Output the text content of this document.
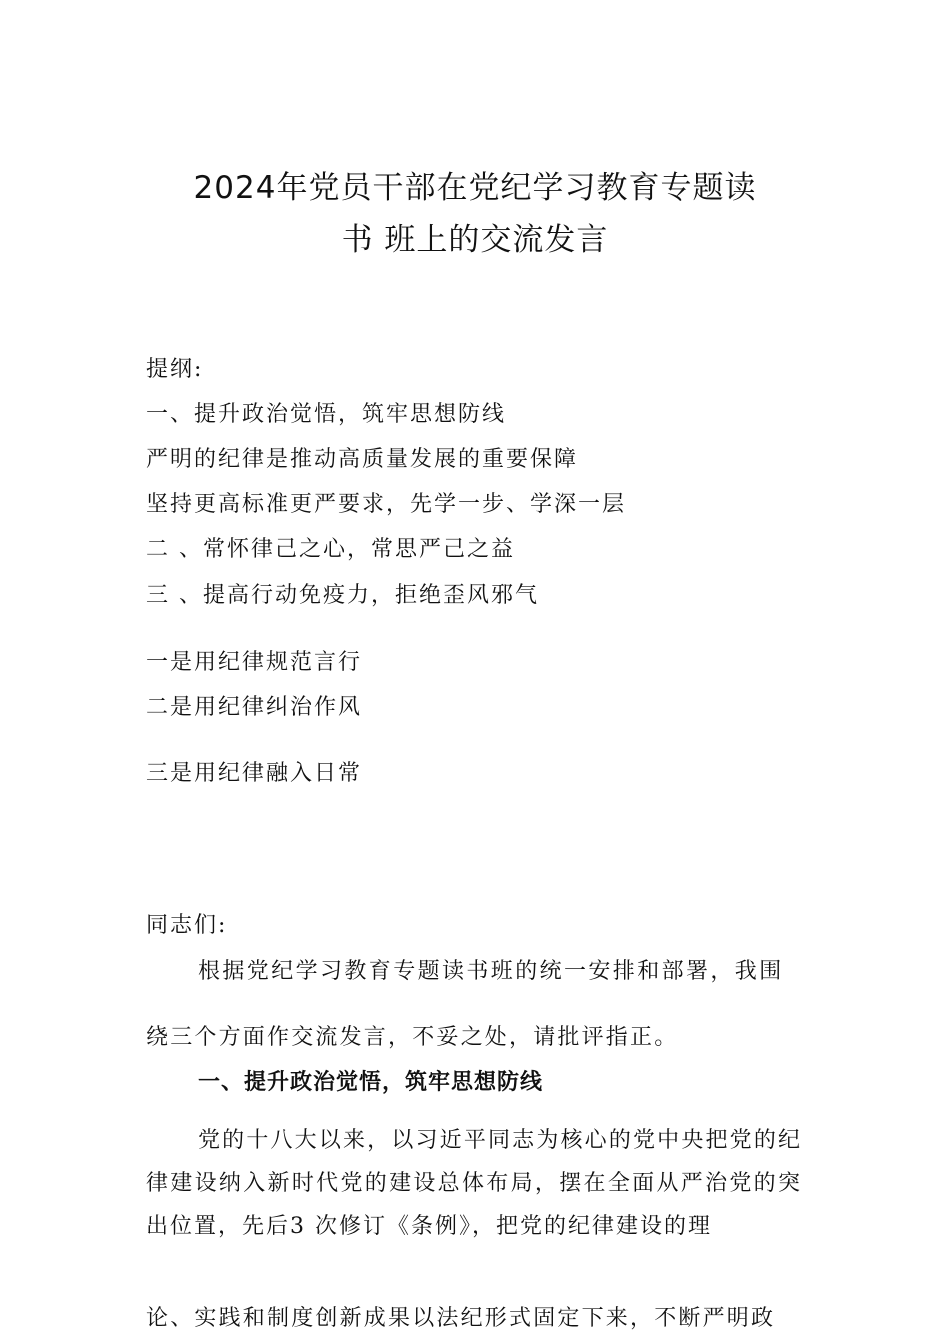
2024年党员干部在党纪学习教育专题读
书 班上的交流发言
提纲:
一、提升政治觉悟，筑牢思想防线
严明的纪律是推动高质量发展的重要保障
坚持更高标准更严要求，先学一步、学深一层
二 、常怀律己之心，常思严己之益
三 、提高行动免疫力，拒绝歪风邪气
一是用纪律规范言行
二是用纪律纠治作风
三是用纪律融入日常
同志们:
根据党纪学习教育专题读书班的统一安排和部署，我围
绕三个方面作交流发言，不妥之处，请批评指正。
一、提升政治觉悟，筑牢思想防线
党的十八大以来，以习近平同志为核心的党中央把党的纪律建设纳入新时代党的建设总体布局，摆在全面从严治党的突出位置，先后3 次修订《条例》，把党的纪律建设的理
论、实践和制度创新成果以法纪形式固定下来，不断严明政
